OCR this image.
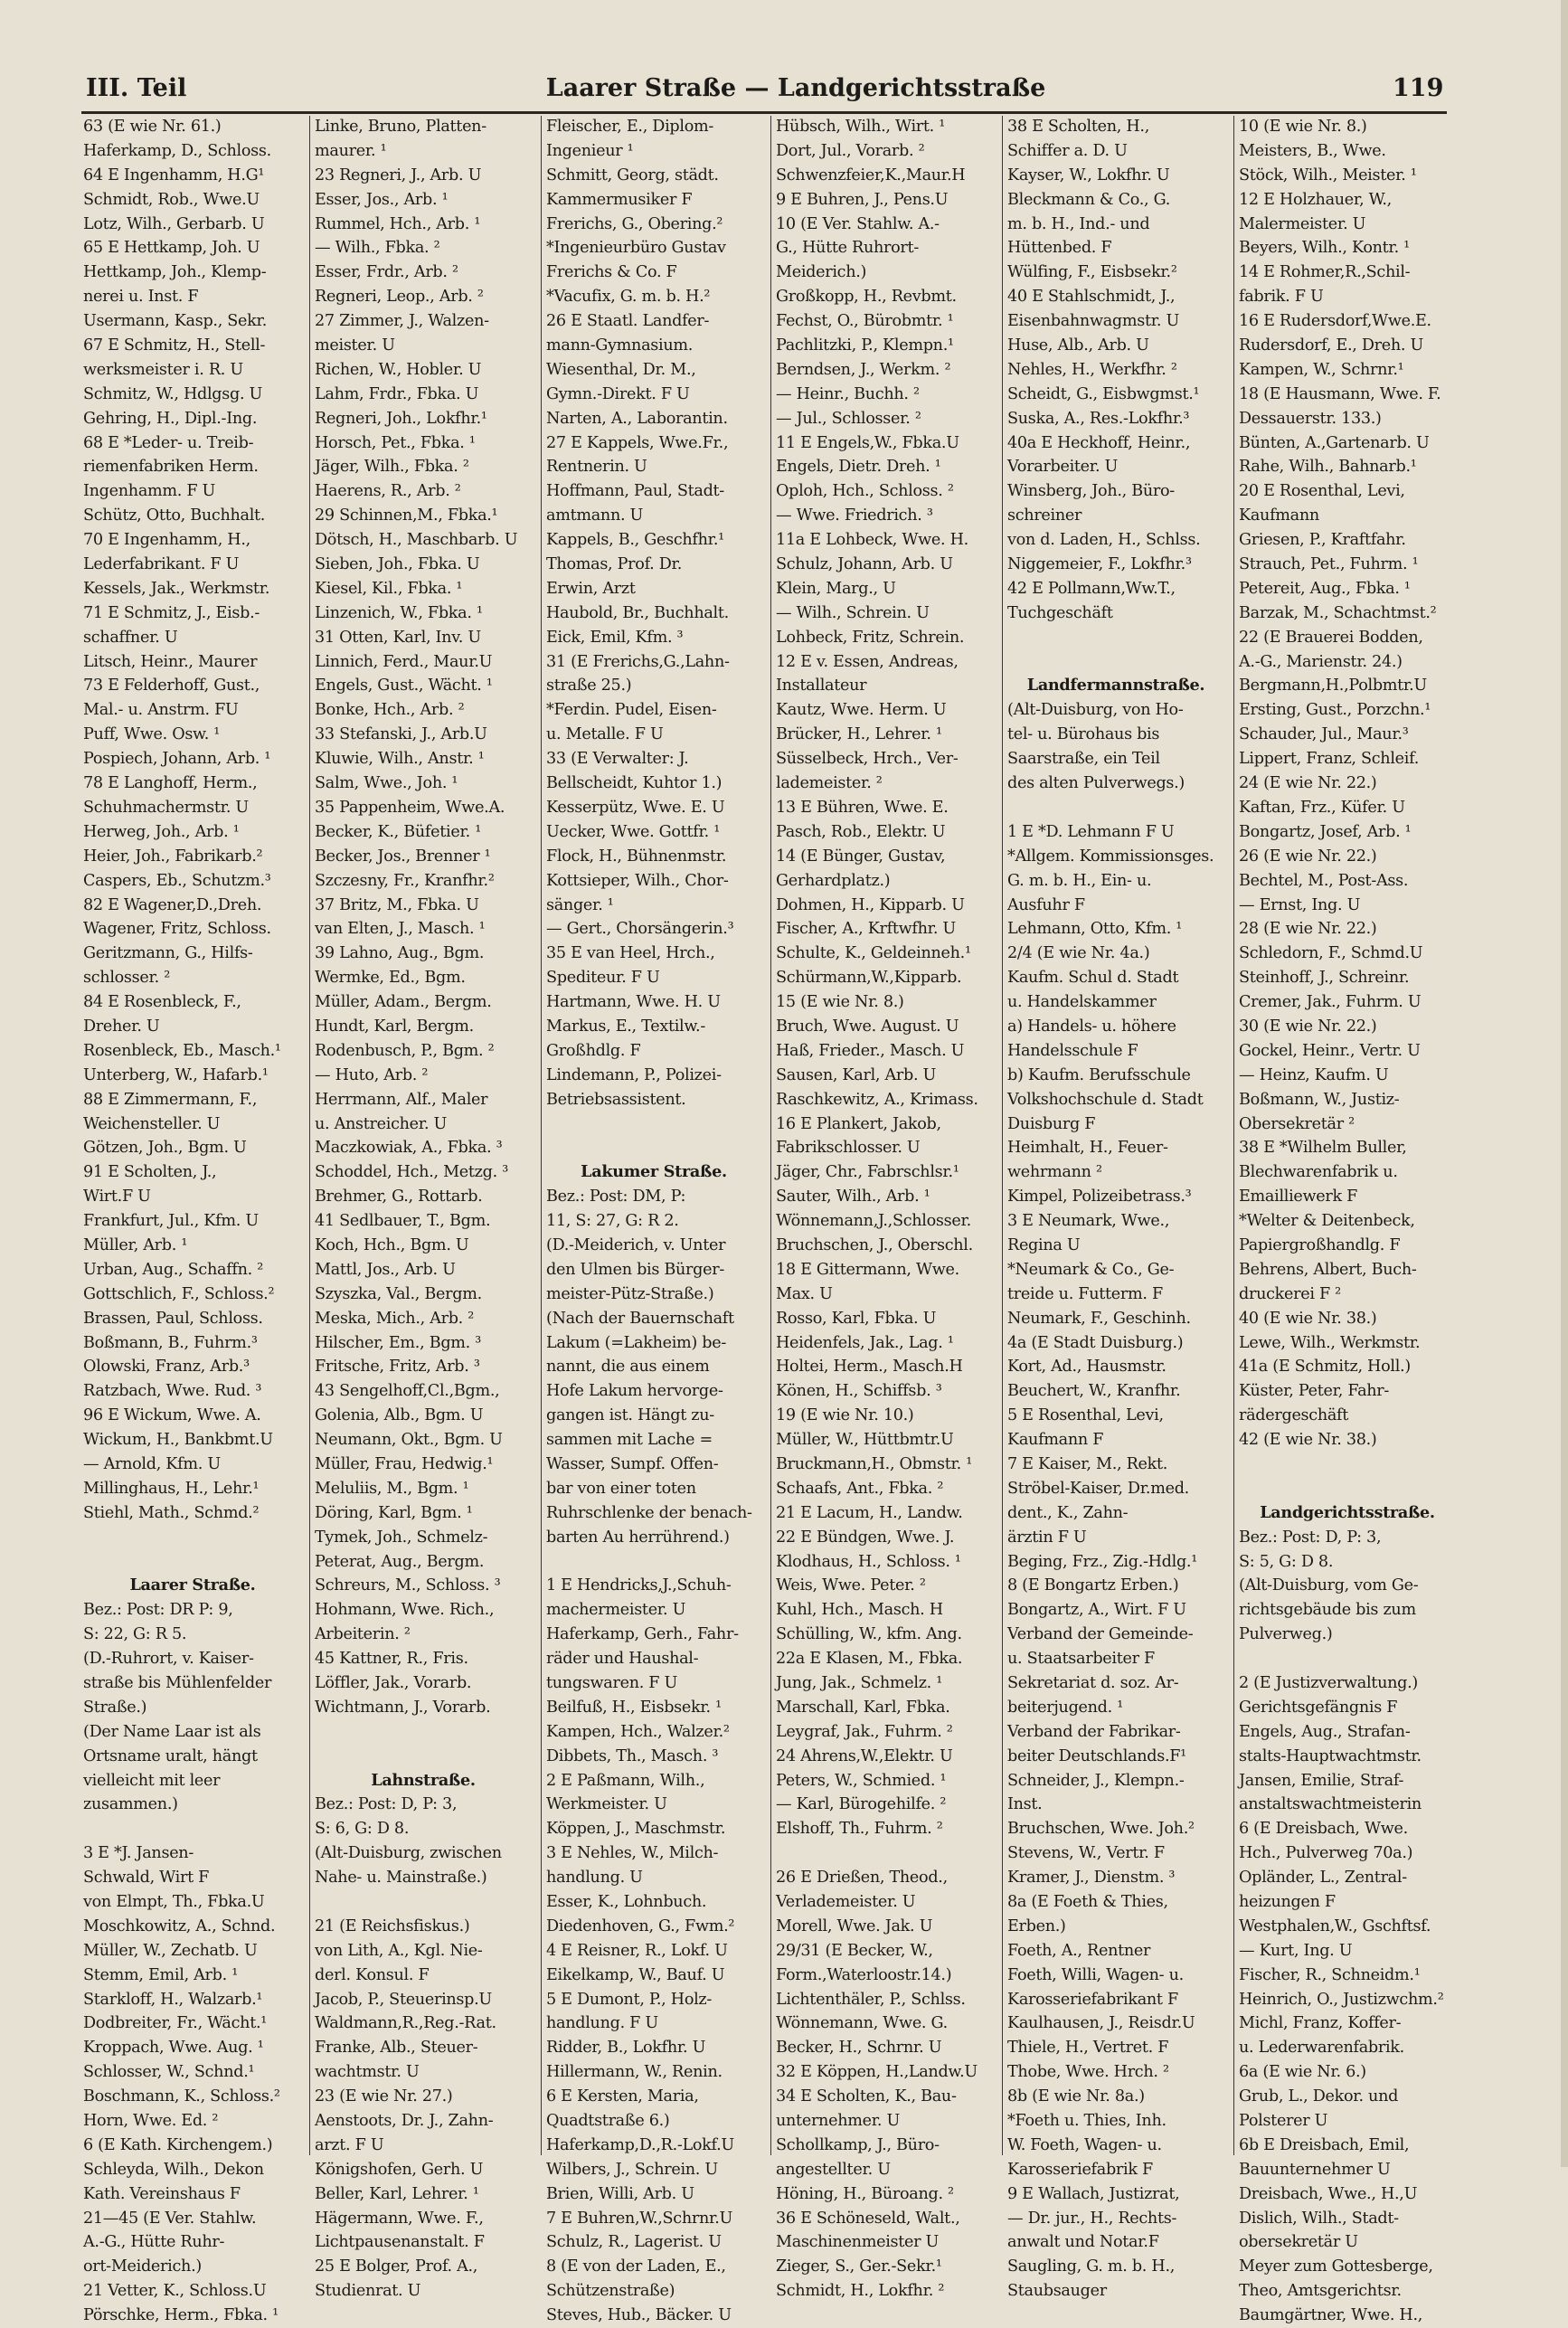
III. Teil	Laarer Straße — Landgerichtsstraße	119
63 (E wie Nr. 61.)
Haferkamp, D., Schloss.
64 E Ingenhamm, H.G¹
Schmidt, Rob., Wwe.U
Lotz, Wilh., Gerbarb. U
65 E Hettkamp, Joh. U
Hettkamp, Joh., Klemp-
nerei u. Inst. F
Usermann, Kasp., Sekr.
67 E Schmitz, H., Stell-
werksmeister i. R. U
Schmitz, W., Hdlgsg. U
Gehring, H., Dipl.-Ing.
68 E *Leder- u. Treib-
riemenfabriken Herm.
Ingenhamm. F U
Schütz, Otto, Buchhalt.
70 E Ingenhamm, H.,
Lederfabrikant. F U
Kessels, Jak., Werkmstr.
71 E Schmitz, J., Eisb.-
schaffner. U
Litsch, Heinr., Maurer
73 E Felderhoff, Gust.,
Mal.- u. Anstrm. FU
Puff, Wwe. Osw. ¹
Pospiech, Johann, Arb. ¹
78 E Langhoff, Herm.,
Schuhmachermstr. U
Herweg, Joh., Arb. ¹
Heier, Joh., Fabrikarb.²
Caspers, Eb., Schutzm.³
82 E Wagener,D.,Dreh.
Wagener, Fritz, Schloss.
Geritzmann, G., Hilfs-
schlosser. ²
84 E Rosenbleck, F.,
Dreher. U
Rosenbleck, Eb., Masch.¹
Unterberg, W., Hafarb.¹
88 E Zimmermann, F.,
Weichensteller. U
Götzen, Joh., Bgm. U
91 E Scholten, J.,
Wirt.F U
Frankfurt, Jul., Kfm. U
Müller, Arb. ¹
Urban, Aug., Schaffn. ²
Gottschlich, F., Schloss.²
Brassen, Paul, Schloss.
Boßmann, B., Fuhrm.³
Olowski, Franz, Arb.³
Ratzbach, Wwe. Rud. ³
96 E Wickum, Wwe. A.
Wickum, H., Bankbmt.U
— Arnold, Kfm. U
Millinghaus, H., Lehr.¹
Stiehl, Math., Schmd.²
Laarer Straße.
Bez.: Post: DR P: 9,
S: 22, G: R 5.
(D.-Ruhrort, v. Kaiser-
straße bis Mühlenfelder
Straße.)
(Der Name Laar ist als
Ortsname uralt, hängt
vielleicht mit leer
zusammen.)
3 E *J. Jansen-
Schwald, Wirt F
von Elmpt, Th., Fbka.U
Moschkowitz, A., Schnd.
Müller, W., Zechatb. U
Stemm, Emil, Arb. ¹
Starkloff, H., Walzarb.¹
Dodbreiter, Fr., Wächt.¹
Kroppach, Wwe. Aug. ¹
Schlosser, W., Schnd.¹
Boschmann, K., Schloss.²
Horn, Wwe. Ed. ²
6 (E Kath. Kirchengem.)
Schleyda, Wilh., Dekon
Kath. Vereinshaus F
21—45 (E Ver. Stahlw.
A.-G., Hütte Ruhr-
ort-Meiderich.)
21 Vetter, K., Schloss.U
Pörschke, Herm., Fbka. ¹
Linke, Bruno, Platten-
maurer. ¹
23 Regneri, J., Arb. U
Esser, Jos., Arb. ¹
Rummel, Hch., Arb. ¹
— Wilh., Fbka. ²
Esser, Frdr., Arb. ²
Regneri, Leop., Arb. ²
27 Zimmer, J., Walzen-
meister. U
Richen, W., Hobler. U
Lahm, Frdr., Fbka. U
Regneri, Joh., Lokfhr.¹
Horsch, Pet., Fbka. ¹
Jäger, Wilh., Fbka. ²
Haerens, R., Arb. ²
29 Schinnen,M., Fbka.¹
Dötsch, H., Maschbarb. U
Sieben, Joh., Fbka. U
Kiesel, Kil., Fbka. ¹
Linzenich, W., Fbka. ¹
31 Otten, Karl, Inv. U
Linnich, Ferd., Maur.U
Engels, Gust., Wächt. ¹
Bonke, Hch., Arb. ²
33 Stefanski, J., Arb.U
Kluwie, Wilh., Anstr. ¹
Salm, Wwe., Joh. ¹
35 Pappenheim, Wwe.A.
Becker, K., Büfetier. ¹
Becker, Jos., Brenner ¹
Szczesny, Fr., Kranfhr.²
37 Britz, M., Fbka. U
van Elten, J., Masch. ¹
39 Lahno, Aug., Bgm.
Wermke, Ed., Bgm.
Müller, Adam., Bergm.
Hundt, Karl, Bergm.
Rodenbusch, P., Bgm. ²
— Huto, Arb. ²
Herrmann, Alf., Maler
u. Anstreicher. U
Maczkowiak, A., Fbka. ³
Schoddel, Hch., Metzg. ³
Brehmer, G., Rottarb.
41 Sedlbauer, T., Bgm.
Koch, Hch., Bgm. U
Mattl, Jos., Arb. U
Szyszka, Val., Bergm.
Meska, Mich., Arb. ²
Hilscher, Em., Bgm. ³
Fritsche, Fritz, Arb. ³
43 Sengelhoff,Cl.,Bgm.,
Golenia, Alb., Bgm. U
Neumann, Okt., Bgm. U
Müller, Frau, Hedwig.¹
Meluliis, M., Bgm. ¹
Döring, Karl, Bgm. ¹
Tymek, Joh., Schmelz-
Peterat, Aug., Bergm.
Schreurs, M., Schloss. ³
Hohmann, Wwe. Rich.,
Arbeiterin. ²
45 Kattner, R., Fris.
Löffler, Jak., Vorarb.
Wichtmann, J., Vorarb.
Lahnstraße.
Bez.: Post: D, P: 3,
S: 6, G: D 8.
(Alt-Duisburg, zwischen
Nahe- u. Mainstraße.)
21 (E Reichsfiskus.)
von Lith, A., Kgl. Nie-
derl. Konsul. F
Jacob, P., Steuerinsp.U
Waldmann,R.,Reg.-Rat.
Franke, Alb., Steuer-
wachtmstr. U
23 (E wie Nr. 27.)
Aenstoots, Dr. J., Zahn-
arzt. F U
Königshofen, Gerh. U
Beller, Karl, Lehrer. ¹
Hägermann, Wwe. F.,
Lichtpausenanstalt. F
25 E Bolger, Prof. A.,
Studienrat. U
Fleischer, E., Diplom-
Ingenieur ¹
Schmitt, Georg, städt.
Kammermusiker F
Frerichs, G., Obering.²
*Ingenieurbüro Gustav
Frerichs & Co. F
*Vacufix, G. m. b. H.²
26 E Staatl. Landfer-
mann-Gymnasium.
Wiesenthal, Dr. M.,
Gymn.-Direkt. F U
Narten, A., Laborantin.
27 E Kappels, Wwe.Fr.,
Rentnerin. U
Hoffmann, Paul, Stadt-
amtmann. U
Kappels, B., Geschfhr.¹
Thomas, Prof. Dr.
Erwin, Arzt
Haubold, Br., Buchhalt.
Eick, Emil, Kfm. ³
31 (E Frerichs,G.,Lahn-
straße 25.)
*Ferdin. Pudel, Eisen-
u. Metalle. F U
33 (E Verwalter: J.
Bellscheidt, Kuhtor 1.)
Kesserpütz, Wwe. E. U
Uecker, Wwe. Gottfr. ¹
Flock, H., Bühnenmstr.
Kottsieper, Wilh., Chor-
sänger. ¹
— Gert., Chorsängerin.³
35 E van Heel, Hrch.,
Spediteur. F U
Hartmann, Wwe. H. U
Markus, E., Textilw.-
Großhdlg. F
Lindemann, P., Polizei-
Betriebsassistent.
Lakumer Straße.
Bez.: Post: DM, P:
11, S: 27, G: R 2.
(D.-Meiderich, v. Unter
den Ulmen bis Bürger-
meister-Pütz-Straße.)
(Nach der Bauernschaft
Lakum (=Lakheim) be-
nannt, die aus einem
Hofe Lakum hervorge-
gangen ist. Hängt zu-
sammen mit Lache =
Wasser, Sumpf. Offen-
bar von einer toten
Ruhrschlenke der benach-
barten Au herrührend.)
1 E Hendricks,J.,Schuh-
machermeister. U
Haferkamp, Gerh., Fahr-
räder und Haushal-
tungswaren. F U
Beilfuß, H., Eisbsekr. ¹
Kampen, Hch., Walzer.²
Dibbets, Th., Masch. ³
2 E Paßmann, Wilh.,
Werkmeister. U
Köppen, J., Maschmstr.
3 E Nehles, W., Milch-
handlung. U
Esser, K., Lohnbuch.
Diedenhoven, G., Fwm.²
4 E Reisner, R., Lokf. U
Eikelkamp, W., Bauf. U
5 E Dumont, P., Holz-
handlung. F U
Ridder, B., Lokfhr. U
Hillermann, W., Renin.
6 E Kersten, Maria,
Quadtstraße 6.)
Haferkamp,D.,R.-Lokf.U
Wilbers, J., Schrein. U
Brien, Willi, Arb. U
7 E Buhren,W.,Schrnr.U
Schulz, R., Lagerist. U
8 (E von der Laden, E.,
Schützenstraße)
Steves, Hub., Bäcker. U
Hübsch, Wilh., Wirt. ¹
Dort, Jul., Vorarb. ²
Schwenzfeier,K.,Maur.H
9 E Buhren, J., Pens.U
10 (E Ver. Stahlw. A.-
G., Hütte Ruhrort-
Meiderich.)
Großkopp, H., Revbmt.
Fechst, O., Bürobmtr. ¹
Pachlitzki, P., Klempn.¹
Berndsen, J., Werkm. ²
— Heinr., Buchh. ²
— Jul., Schlosser. ²
11 E Engels,W., Fbka.U
Engels, Dietr. Dreh. ¹
Oploh, Hch., Schloss. ²
— Wwe. Friedrich. ³
11a E Lohbeck, Wwe. H.
Schulz, Johann, Arb. U
Klein, Marg., U
— Wilh., Schrein. U
Lohbeck, Fritz, Schrein.
12 E v. Essen, Andreas,
Installateur
Kautz, Wwe. Herm. U
Brücker, H., Lehrer. ¹
Süsselbeck, Hrch., Ver-
lademeister. ²
13 E Bühren, Wwe. E.
Pasch, Rob., Elektr. U
14 (E Bünger, Gustav,
Gerhardplatz.)
Dohmen, H., Kipparb. U
Fischer, A., Krftwfhr. U
Schulte, K., Geldeinneh.¹
Schürmann,W.,Kipparb.
15 (E wie Nr. 8.)
Bruch, Wwe. August. U
Haß, Frieder., Masch. U
Sausen, Karl, Arb. U
Raschkewitz, A., Krimass.
16 E Plankert, Jakob,
Fabrikschlosser. U
Jäger, Chr., Fabrschlsr.¹
Sauter, Wilh., Arb. ¹
Wönnemann,J.,Schlosser.
Bruchschen, J., Oberschl.
18 E Gittermann, Wwe.
Max. U
Rosso, Karl, Fbka. U
Heidenfels, Jak., Lag. ¹
Holtei, Herm., Masch.H
Könen, H., Schiffsb. ³
19 (E wie Nr. 10.)
Müller, W., Hüttbmtr.U
Bruckmann,H., Obmstr. ¹
Schaafs, Ant., Fbka. ²
21 E Lacum, H., Landw.
22 E Bündgen, Wwe. J.
Klodhaus, H., Schloss. ¹
Weis, Wwe. Peter. ²
Kuhl, Hch., Masch. H
Schülling, W., kfm. Ang.
22a E Klasen, M., Fbka.
Jung, Jak., Schmelz. ¹
Marschall, Karl, Fbka.
Leygraf, Jak., Fuhrm. ²
24 Ahrens,W.,Elektr. U
Peters, W., Schmied. ¹
— Karl, Bürogehilfe. ²
Elshoff, Th., Fuhrm. ²
26 E Drießen, Theod.,
Verlademeister. U
Morell, Wwe. Jak. U
29/31 (E Becker, W.,
Form.,Waterloostr.14.)
Lichtenthäler, P., Schlss.
Wönnemann, Wwe. G.
Becker, H., Schrnr. U
32 E Köppen, H.,Landw.U
34 E Scholten, K., Bau-
unternehmer. U
Schollkamp, J., Büro-
angestellter. U
Höning, H., Büroang. ²
36 E Schöneseld, Walt.,
Maschinenmeister U
Zieger, S., Ger.-Sekr.¹
Schmidt, H., Lokfhr. ²
38 E Scholten, H.,
Schiffer a. D. U
Kayser, W., Lokfhr. U
Bleckmann & Co., G.
m. b. H., Ind.- und
Hüttenbed. F
Wülfing, F., Eisbsekr.²
40 E Stahlschmidt, J.,
Eisenbahnwagmstr. U
Huse, Alb., Arb. U
Nehles, H., Werkfhr. ²
Scheidt, G., Eisbwgmst.¹
Suska, A., Res.-Lokfhr.³
40a E Heckhoff, Heinr.,
Vorarbeiter. U
Winsberg, Joh., Büro-
schreiner
von d. Laden, H., Schlss.
Niggemeier, F., Lokfhr.³
42 E Pollmann,Ww.T.,
Tuchgeschäft
Landfermannstraße.
(Alt-Duisburg, von Ho-
tel- u. Bürohaus bis
Saarstraße, ein Teil
des alten Pulverwegs.)
1 E *D. Lehmann F U
*Allgem. Kommissionsges.
G. m. b. H., Ein- u.
Ausfuhr F
Lehmann, Otto, Kfm. ¹
2/4 (E wie Nr. 4a.)
Kaufm. Schul d. Stadt
u. Handelskammer
a) Handels- u. höhere
Handelsschule F
b) Kaufm. Berufsschule
Volkshochschule d. Stadt
Duisburg F
Heimhalt, H., Feuer-
wehrmann ²
Kimpel, Polizeibetrass.³
3 E Neumark, Wwe.,
Regina U
*Neumark & Co., Ge-
treide u. Futterm. F
Neumark, F., Geschinh.
4a (E Stadt Duisburg.)
Kort, Ad., Hausmstr.
Beuchert, W., Kranfhr.
5 E Rosenthal, Levi,
Kaufmann F
7 E Kaiser, M., Rekt.
Ströbel-Kaiser, Dr.med.
dent., K., Zahn-
ärztin F U
Beging, Frz., Zig.-Hdlg.¹
8 (E Bongartz Erben.)
Bongartz, A., Wirt. F U
Verband der Gemeinde-
u. Staatsarbeiter F
Sekretariat d. soz. Ar-
beiterjugend. ¹
Verband der Fabrikar-
beiter Deutschlands.F¹
Schneider, J., Klempn.-
Inst.
Bruchschen, Wwe. Joh.²
Stevens, W., Vertr. F
Kramer, J., Dienstm. ³
8a (E Foeth & Thies,
Erben.)
Foeth, A., Rentner
Foeth, Willi, Wagen- u.
Karosseriefabrikant F
Kaulhausen, J., Reisdr.U
Thiele, H., Vertret. F
Thobe, Wwe. Hrch. ²
8b (E wie Nr. 8a.)
*Foeth u. Thies, Inh.
W. Foeth, Wagen- u.
Karosseriefabrik F
9 E Wallach, Justizrat,
— Dr. jur., H., Rechts-
anwalt und Notar.F
Saugling, G. m. b. H.,
Staubsauger
10 (E wie Nr. 8.)
Meisters, B., Wwe.
Stöck, Wilh., Meister. ¹
12 E Holzhauer, W.,
Malermeister. U
Beyers, Wilh., Kontr. ¹
14 E Rohmer,R.,Schil-
fabrik. F U
16 E Rudersdorf,Wwe.E.
Rudersdorf, E., Dreh. U
Kampen, W., Schrnr.¹
18 (E Hausmann, Wwe. F.
Dessauerstr. 133.)
Bünten, A.,Gartenarb. U
Rahe, Wilh., Bahnarb.¹
20 E Rosenthal, Levi,
Kaufmann
Griesen, P., Kraftfahr.
Strauch, Pet., Fuhrm. ¹
Petereit, Aug., Fbka. ¹
Barzak, M., Schachtmst.²
22 (E Brauerei Bodden,
A.-G., Marienstr. 24.)
Bergmann,H.,Polbmtr.U
Ersting, Gust., Porzchn.¹
Schauder, Jul., Maur.³
Lippert, Franz, Schleif.
24 (E wie Nr. 22.)
Kaftan, Frz., Küfer. U
Bongartz, Josef, Arb. ¹
26 (E wie Nr. 22.)
Bechtel, M., Post-Ass.
— Ernst, Ing. U
28 (E wie Nr. 22.)
Schledorn, F., Schmd.U
Steinhoff, J., Schreinr.
Cremer, Jak., Fuhrm. U
30 (E wie Nr. 22.)
Gockel, Heinr., Vertr. U
— Heinz, Kaufm. U
Boßmann, W., Justiz-
Obersekretär ²
38 E *Wilhelm Buller,
Blechwarenfabrik u.
Emailliewerk F
*Welter & Deitenbeck,
Papiergroßhandlg. F
Behrens, Albert, Buch-
druckerei F ²
40 (E wie Nr. 38.)
Lewe, Wilh., Werkmstr.
41a (E Schmitz, Holl.)
Küster, Peter, Fahr-
rädergeschäft
42 (E wie Nr. 38.)
Landgerichtsstraße.
Bez.: Post: D, P: 3,
S: 5, G: D 8.
(Alt-Duisburg, vom Ge-
richtsgebäude bis zum
Pulverweg.)
2 (E Justizverwaltung.)
Gerichtsgefängnis F
Engels, Aug., Strafan-
stalts-Hauptwachtmstr.
Jansen, Emilie, Straf-
anstaltswachtmeisterin
6 (E Dreisbach, Wwe.
Hch., Pulverweg 70a.)
Opländer, L., Zentral-
heizungen F
Westphalen,W., Gschftsf.
— Kurt, Ing. U
Fischer, R., Schneidm.¹
Heinrich, O., Justizwchm.²
Michl, Franz, Koffer-
u. Lederwarenfabrik.
6a (E wie Nr. 6.)
Grub, L., Dekor. und
Polsterer U
6b E Dreisbach, Emil,
Bauunternehmer U
Dreisbach, Wwe., H.,U
Dislich, Wilh., Stadt-
obersekretär U
Meyer zum Gottesberge,
Theo, Amtsgerichtsr.
Baumgärtner, Wwe. H.,
